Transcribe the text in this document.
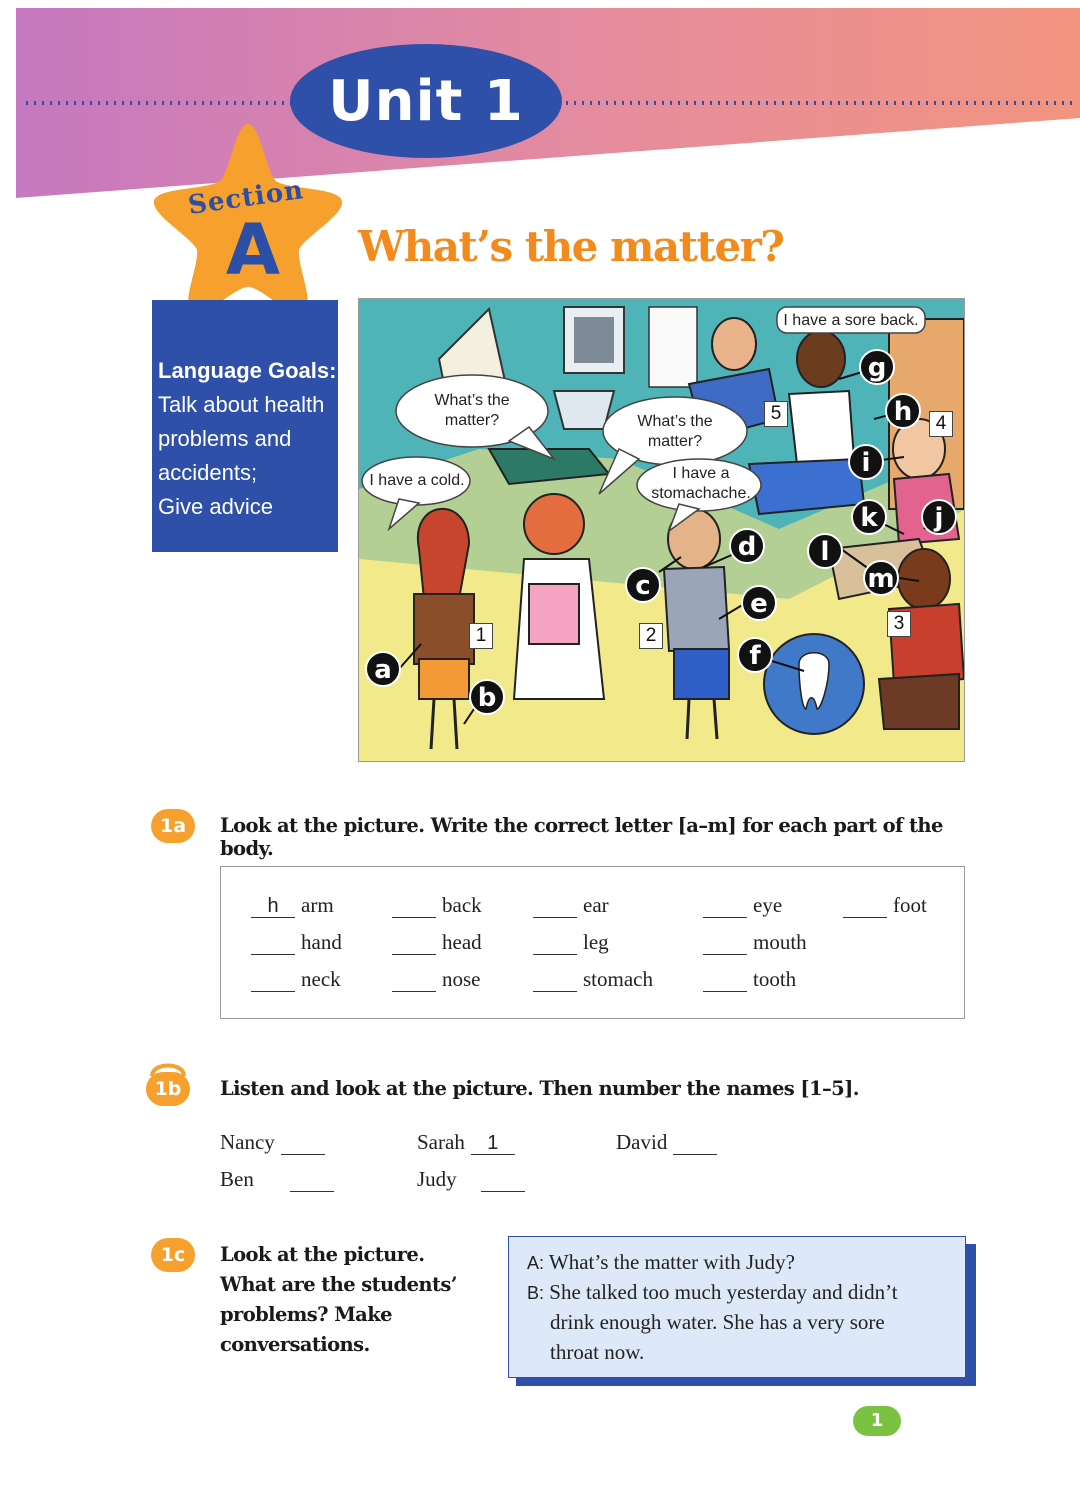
Unit 1
Section
A	What’s the matter?
Language Goals:
Talk about health
problems and
accidents;
Give advice
What’s the
matter?
I have a cold.
What’s the
matter?
I have a
stomachache.
I have a sore back.
a
b
c
d
e
f
g
h
i
j
k
l
m
1	2
3
4
5
1a	Look at the picture. Write the correct letter [a–m] for each part of the body.
h	arm	back	ear	eye	foot
hand	head	leg	mouth
neck	nose	stomach	tooth
1b	Listen and look at the picture. Then number the names [1–5].
Nancy	Sarah	1	David
Ben	Judy
1c	Look at the picture.
What are the students’
problems? Make
conversations.
A: What’s the matter with Judy?
B: She talked too much yesterday and didn’t
drink enough water. She has a very sore
throat now.
1
